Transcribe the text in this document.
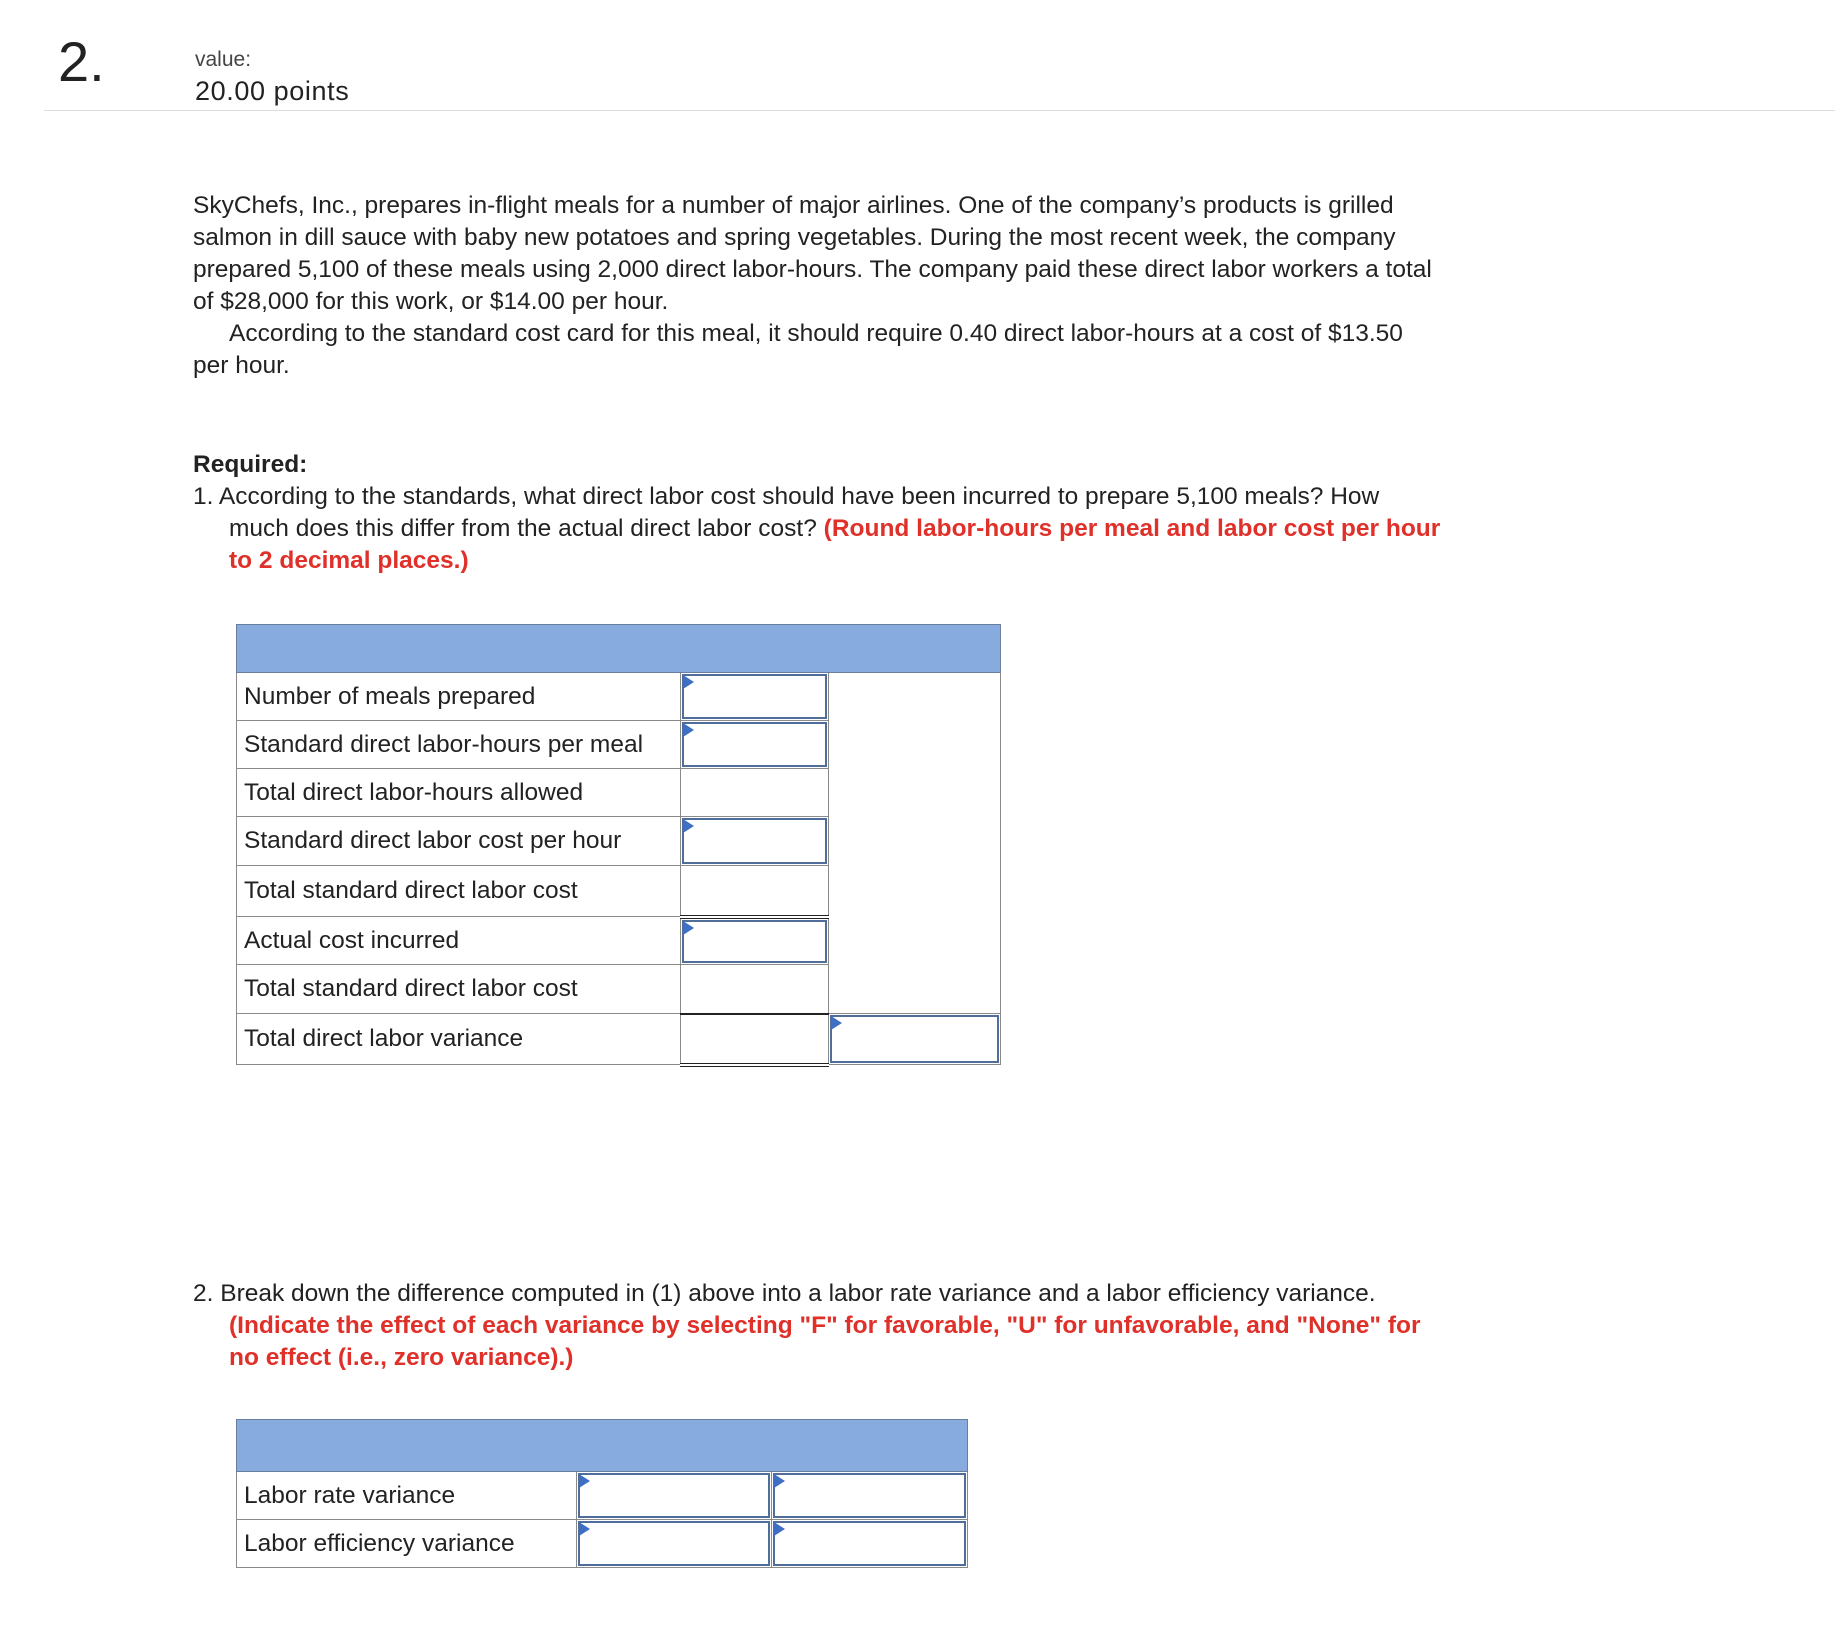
2.	value:
20.00 points

SkyChefs, Inc., prepares in-flight meals for a number of major airlines. One of the company’s products is grilled salmon in dill sauce with baby new potatoes and spring vegetables. During the most recent week, the company prepared 5,100 of these meals using 2,000 direct labor-hours. The company paid these direct labor workers a total of $28,000 for this work, or $14.00 per hour.

According to the standard cost card for this meal, it should require 0.40 direct labor-hours at a cost of $13.50 per hour.

Required:

1. According to the standards, what direct labor cost should have been incurred to prepare 5,100 meals? How much does this differ from the actual direct labor cost? (Round labor-hours per meal and labor cost per hour to 2 decimal places.)

Number of meals prepared	

Standard direct labor-hours per meal	

Total direct labor-hours allowed		
Standard direct labor cost per hour	

Total standard direct labor cost		
Actual cost incurred	

Total standard direct labor cost		
Total direct labor variance		

2. Break down the difference computed in (1) above into a labor rate variance and a labor efficiency variance. (Indicate the effect of each variance by selecting "F" for favorable, "U" for unfavorable, and "None" for no effect (i.e., zero variance).)

Labor rate variance	

Labor efficiency variance	
